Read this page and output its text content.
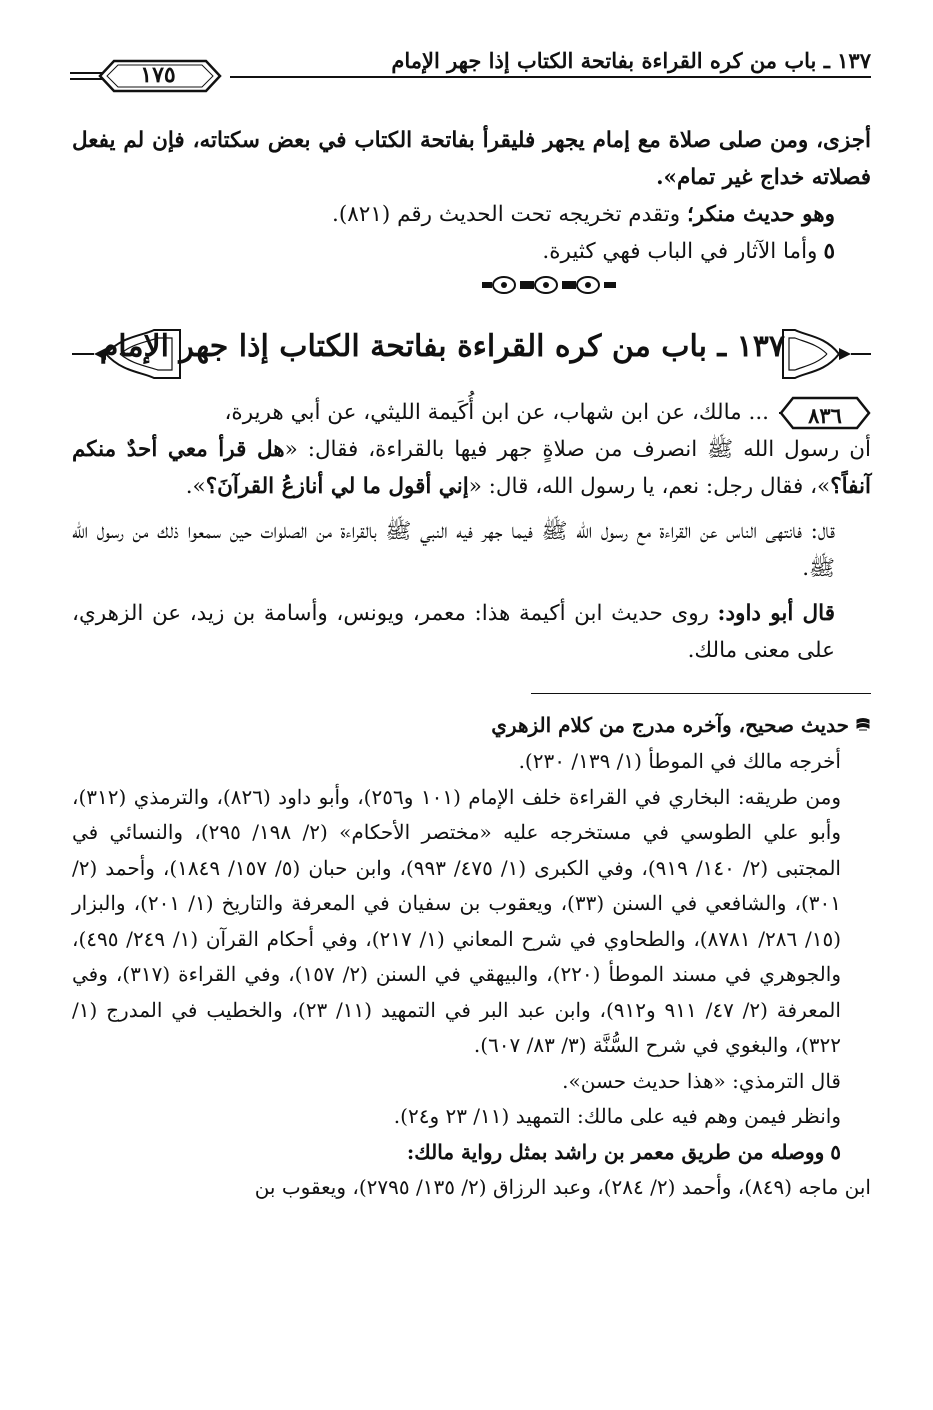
١٣٧ ـ باب من كره القراءة بفاتحة الكتاب إذا جهر الإمام
١٧٥

أجزى، ومن صلى صلاة مع إمام يجهر فليقرأ بفاتحة الكتاب في بعض سكتاته، فإن لم يفعل فصلاته خداج غير تمام».

وهو حديث منكر؛ وتقدم تخريجه تحت الحديث رقم (٨٢١).

٥وأما الآثار في الباب فهي كثيرة.

١٣٧ ـ باب من كره القراءة بفاتحة الكتاب إذا جهر الإمام

٨٣٦
... مالك، عن ابن شهاب، عن ابن أُكَيمة الليثي، عن أبي هريرة،

أن رسول الله ﷺ انصرف من صلاةٍ جهر فيها بالقراءة، فقال: «هل قرأ معي أحدٌ منكم آنفاً؟»، فقال رجل: نعم، يا رسول الله، قال: «إني أقول ما لي أنازعُ القرآنَ؟».

قال: فانتهى الناس عن القراءة مع رسول الله ﷺ فيما جهر فيه النبي ﷺ بالقراءة من الصلوات حين سمعوا ذلك من رسول الله ﷺ.

قال أبو داود: روى حديث ابن أكيمة هذا: معمر، ويونس، وأسامة بن زيد، عن الزهري، على معنى مالك.

حديث صحيح، وآخره مدرج من كلام الزهري

أخرجه مالك في الموطأ (١/ ١٣٩/ ٢٣٠).

ومن طريقه: البخاري في القراءة خلف الإمام (١٠١ و٢٥٦)، وأبو داود (٨٢٦)، والترمذي (٣١٢)، وأبو علي الطوسي في مستخرجه عليه «مختصر الأحكام» (٢/ ١٩٨/ ٢٩٥)، والنسائي في المجتبى (٢/ ١٤٠/ ٩١٩)، وفي الكبرى (١/ ٤٧٥/ ٩٩٣)، وابن حبان (٥/ ١٥٧/ ١٨٤٩)، وأحمد (٢/ ٣٠١)، والشافعي في السنن (٣٣)، ويعقوب بن سفيان في المعرفة والتاريخ (١/ ٢٠١)، والبزار (١٥/ ٢٨٦/ ٨٧٨١)، والطحاوي في شرح المعاني (١/ ٢١٧)، وفي أحكام القرآن (١/ ٢٤٩/ ٤٩٥)، والجوهري في مسند الموطأ (٢٢٠)، والبيهقي في السنن (٢/ ١٥٧)، وفي القراءة (٣١٧)، وفي المعرفة (٢/ ٤٧/ ٩١١ و٩١٢)، وابن عبد البر في التمهيد (١١/ ٢٣)، والخطيب في المدرج (١/ ٣٢٢)، والبغوي في شرح السُّنَّة (٣/ ٨٣/ ٦٠٧).

قال الترمذي: «هذا حديث حسن».

وانظر فيمن وهم فيه على مالك: التمهيد (١١/ ٢٣ و٢٤).

٥ووصله من طريق معمر بن راشد بمثل رواية مالك:

ابن ماجه (٨٤٩)، وأحمد (٢/ ٢٨٤)، وعبد الرزاق (٢/ ١٣٥/ ٢٧٩٥)، ويعقوب بن
